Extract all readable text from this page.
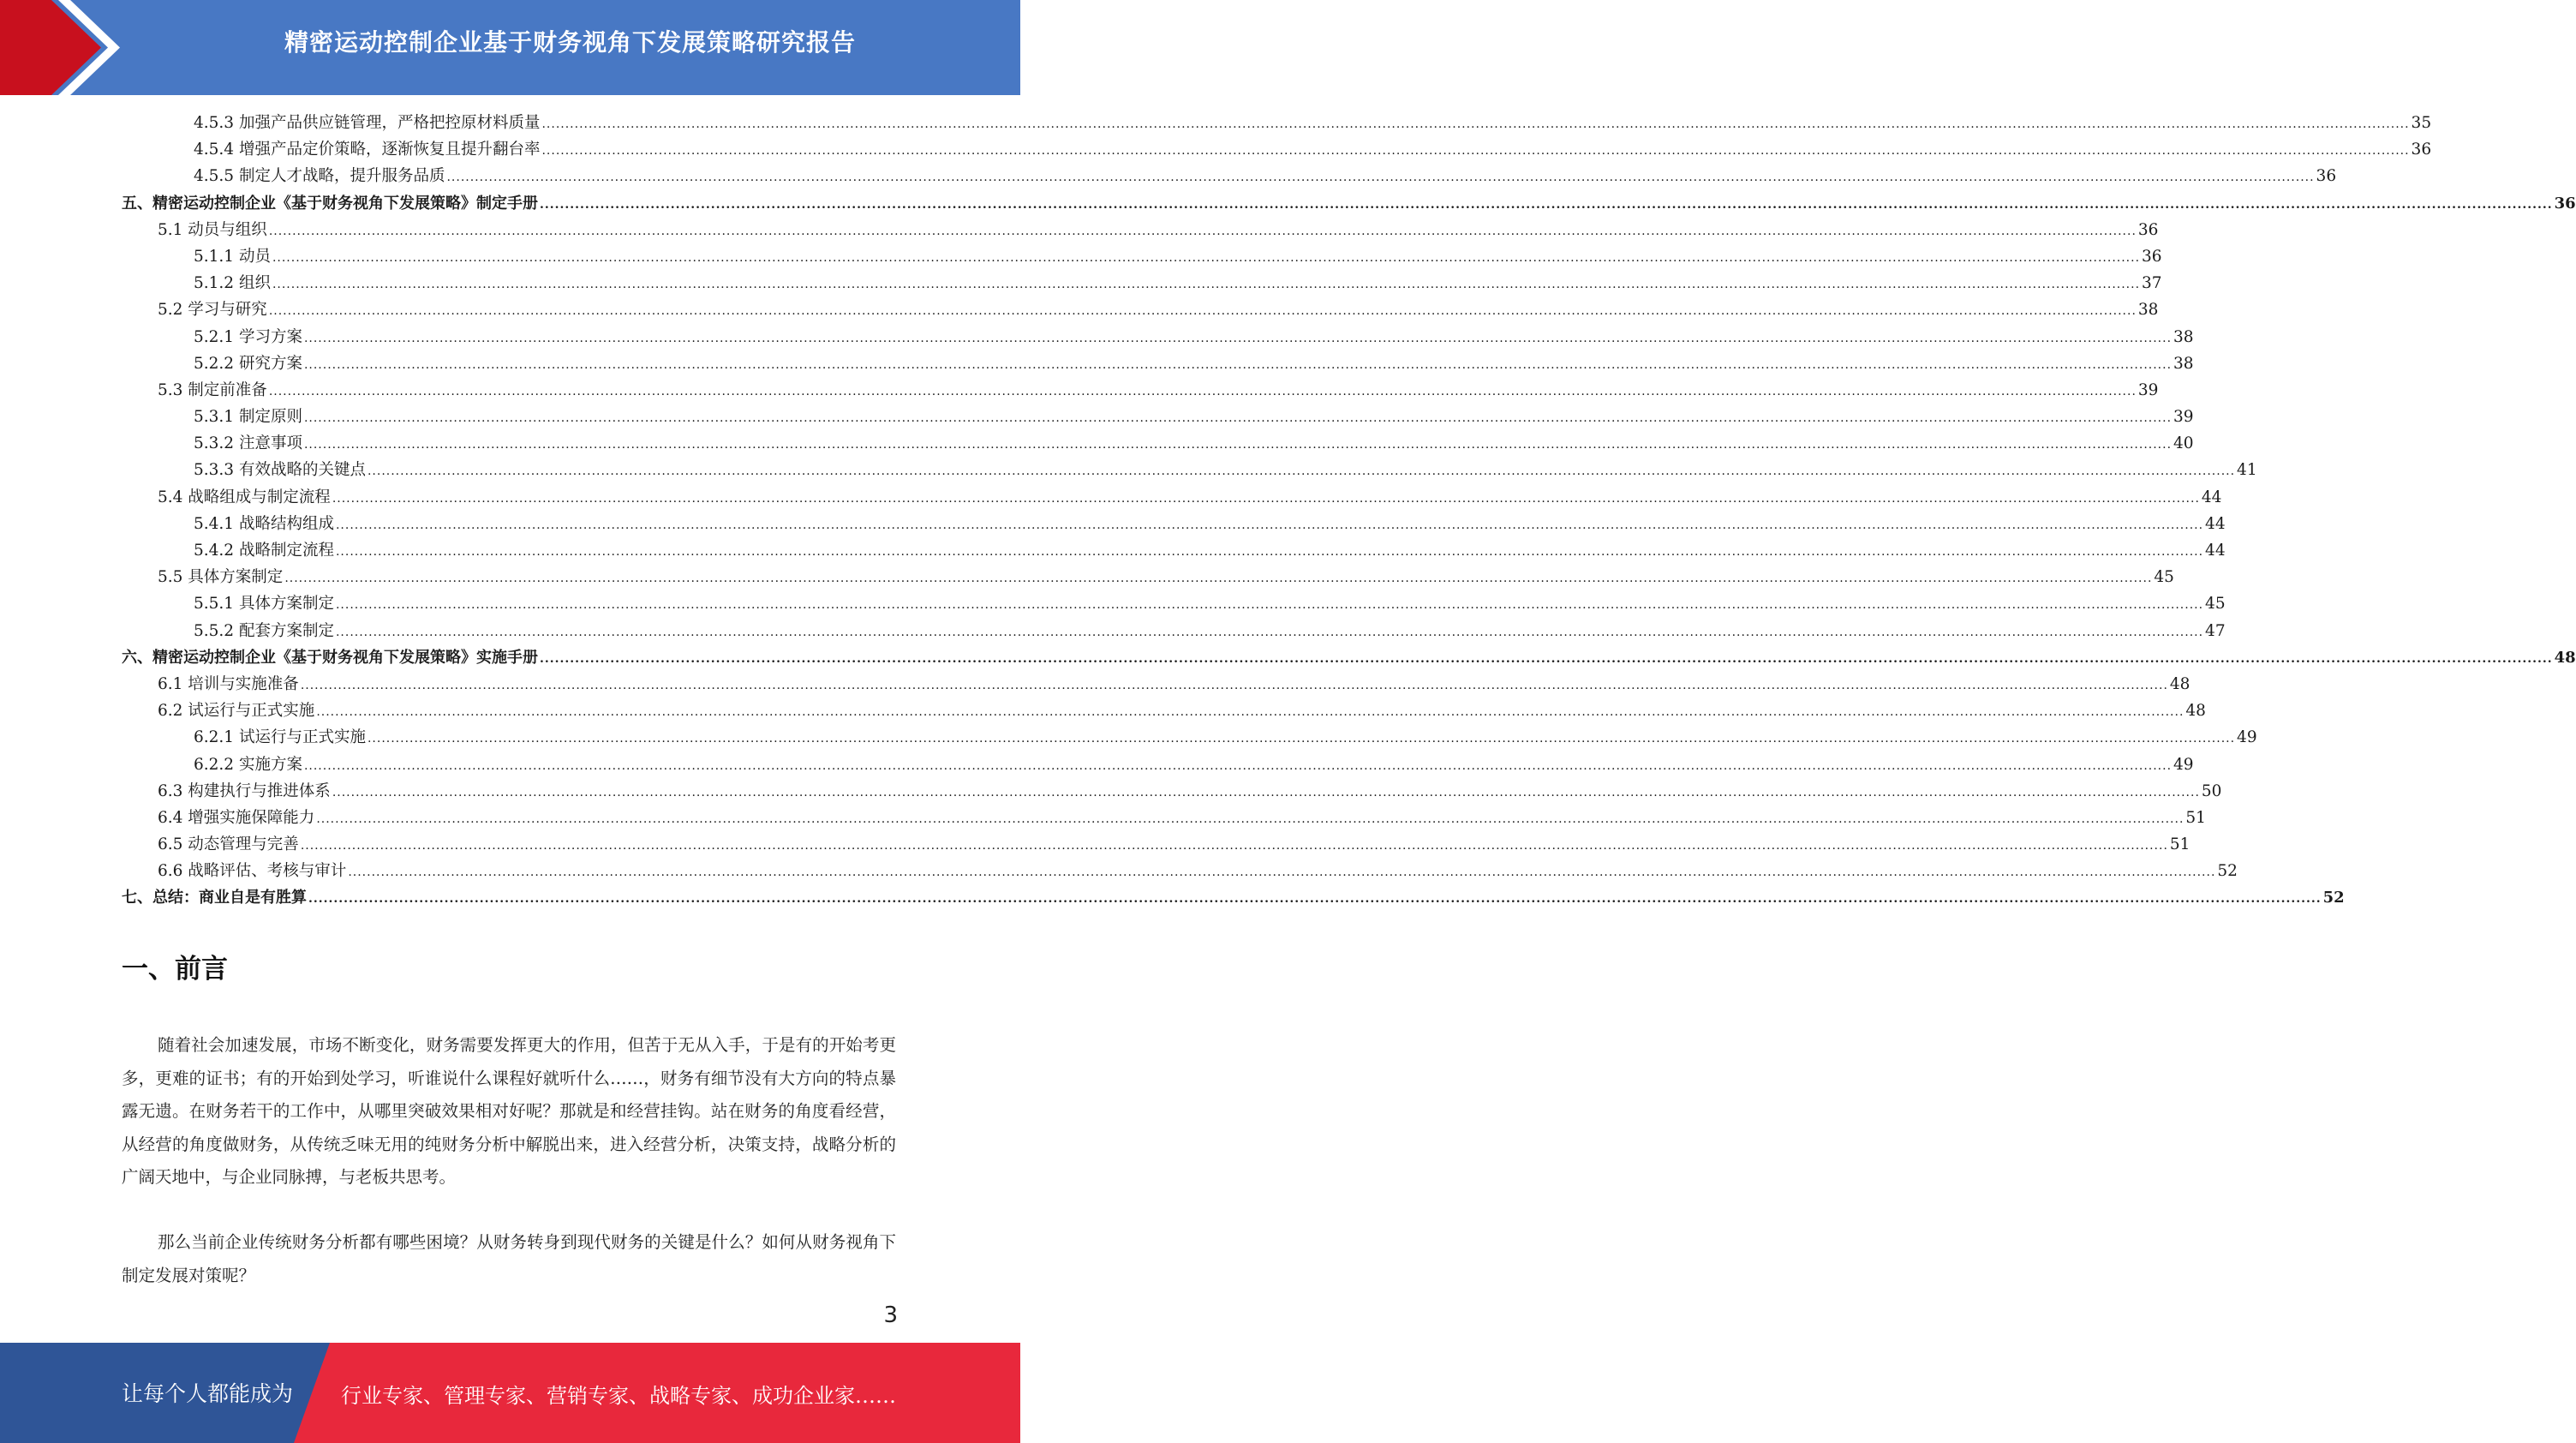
精密运动控制企业基于财务视角下发展策略研究报告
4.5.3 加强产品供应链管理，严格把控原材料质量 ................................................................................................................................................................................................................................................................................................................................................................................................................ 35
4.5.4 增强产品定价策略，逐渐恢复且提升翻台率 ................................................................................................................................................................................................................................................................................................................................................................................................................ 36
4.5.5 制定人才战略，提升服务品质 ................................................................................................................................................................................................................................................................................................................................................................................................................ 36
五、精密运动控制企业《基于财务视角下发展策略》制定手册 ................................................................................................................................................................................................................................................................................................................................................................................................................ 36
5.1 动员与组织 ................................................................................................................................................................................................................................................................................................................................................................................................................ 36
5.1.1 动员 ................................................................................................................................................................................................................................................................................................................................................................................................................ 36
5.1.2 组织 ................................................................................................................................................................................................................................................................................................................................................................................................................ 37
5.2 学习与研究 ................................................................................................................................................................................................................................................................................................................................................................................................................ 38
5.2.1 学习方案 ................................................................................................................................................................................................................................................................................................................................................................................................................ 38
5.2.2 研究方案 ................................................................................................................................................................................................................................................................................................................................................................................................................ 38
5.3 制定前准备 ................................................................................................................................................................................................................................................................................................................................................................................................................ 39
5.3.1 制定原则 ................................................................................................................................................................................................................................................................................................................................................................................................................ 39
5.3.2 注意事项 ................................................................................................................................................................................................................................................................................................................................................................................................................ 40
5.3.3 有效战略的关键点 ................................................................................................................................................................................................................................................................................................................................................................................................................ 41
5.4 战略组成与制定流程 ................................................................................................................................................................................................................................................................................................................................................................................................................ 44
5.4.1 战略结构组成 ................................................................................................................................................................................................................................................................................................................................................................................................................ 44
5.4.2 战略制定流程 ................................................................................................................................................................................................................................................................................................................................................................................................................ 44
5.5 具体方案制定 ................................................................................................................................................................................................................................................................................................................................................................................................................ 45
5.5.1 具体方案制定 ................................................................................................................................................................................................................................................................................................................................................................................................................ 45
5.5.2 配套方案制定 ................................................................................................................................................................................................................................................................................................................................................................................................................ 47
六、精密运动控制企业《基于财务视角下发展策略》实施手册 ................................................................................................................................................................................................................................................................................................................................................................................................................ 48
6.1 培训与实施准备 ................................................................................................................................................................................................................................................................................................................................................................................................................ 48
6.2 试运行与正式实施 ................................................................................................................................................................................................................................................................................................................................................................................................................ 48
6.2.1 试运行与正式实施 ................................................................................................................................................................................................................................................................................................................................................................................................................ 49
6.2.2 实施方案 ................................................................................................................................................................................................................................................................................................................................................................................................................ 49
6.3 构建执行与推进体系 ................................................................................................................................................................................................................................................................................................................................................................................................................ 50
6.4 增强实施保障能力 ................................................................................................................................................................................................................................................................................................................................................................................................................ 51
6.5 动态管理与完善 ................................................................................................................................................................................................................................................................................................................................................................................................................ 51
6.6 战略评估、考核与审计 ................................................................................................................................................................................................................................................................................................................................................................................................................ 52
七、总结：商业自是有胜算 ................................................................................................................................................................................................................................................................................................................................................................................................................ 52
一、前言
随着社会加速发展，市场不断变化，财务需要发挥更大的作用，但苦于无从入手，于是有的开始考更多，更难的证书；有的开始到处学习，听谁说什么课程好就听什么……，财务有细节没有大方向的特点暴露无遗。在财务若干的工作中，从哪里突破效果相对好呢？那就是和经营挂钩。站在财务的角度看经营，从经营的角度做财务，从传统乏味无用的纯财务分析中解脱出来，进入经营分析，决策支持，战略分析的广阔天地中，与企业同脉搏，与老板共思考。
那么当前企业传统财务分析都有哪些困境？从财务转身到现代财务的关键是什么？如何从财务视角下制定发展对策呢？
3
让每个人都能成为 行业专家、管理专家、营销专家、战略专家、成功企业家……
